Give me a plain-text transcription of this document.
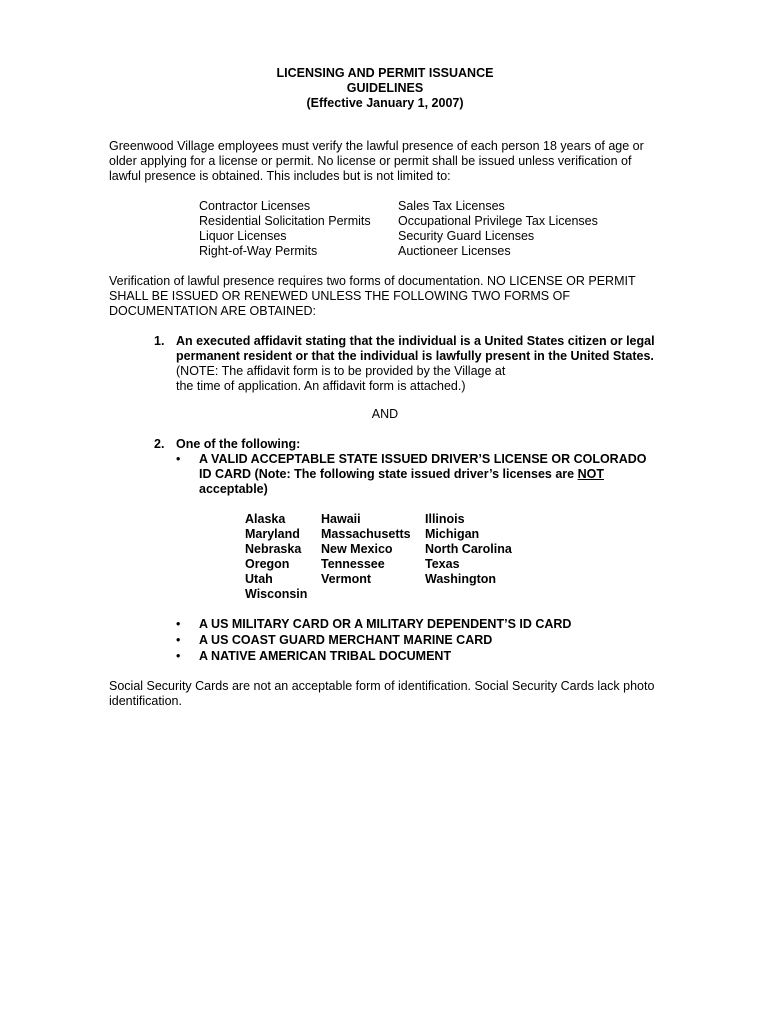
LICENSING AND PERMIT ISSUANCE
GUIDELINES
(Effective January 1, 2007)
Greenwood Village employees must verify the lawful presence of each person 18 years of age or
older applying for a license or permit. No license or permit shall be issued unless verification of
lawful presence is obtained. This includes but is not limited to:
Contractor Licenses
Residential Solicitation Permits
Liquor Licenses
Right-of-Way Permits
Sales Tax Licenses
Occupational Privilege Tax Licenses
Security Guard Licenses
Auctioneer Licenses
Verification of lawful presence requires two forms of documentation. NO LICENSE OR PERMIT
SHALL BE ISSUED OR RENEWED UNLESS THE FOLLOWING TWO FORMS OF
DOCUMENTATION ARE OBTAINED:
1. An executed affidavit stating that the individual is a United States citizen or legal
permanent resident or that the individual is lawfully present in the United States.
(NOTE: The affidavit form is to be provided by the Village at
the time of application. An affidavit form is attached.)
AND
2. One of the following:
• A VALID ACCEPTABLE STATE ISSUED DRIVER’S LICENSE OR COLORADO
ID CARD (Note: The following state issued driver’s licenses are NOT
acceptable)
Alaska
Maryland
Nebraska
Oregon
Utah
Wisconsin
Hawaii
Massachusetts
New Mexico
Tennessee
Vermont
Illinois
Michigan
North Carolina
Texas
Washington
• A US MILITARY CARD OR A MILITARY DEPENDENT’S ID CARD
• A US COAST GUARD MERCHANT MARINE CARD
• A NATIVE AMERICAN TRIBAL DOCUMENT
Social Security Cards are not an acceptable form of identification. Social Security Cards lack photo
identification.
